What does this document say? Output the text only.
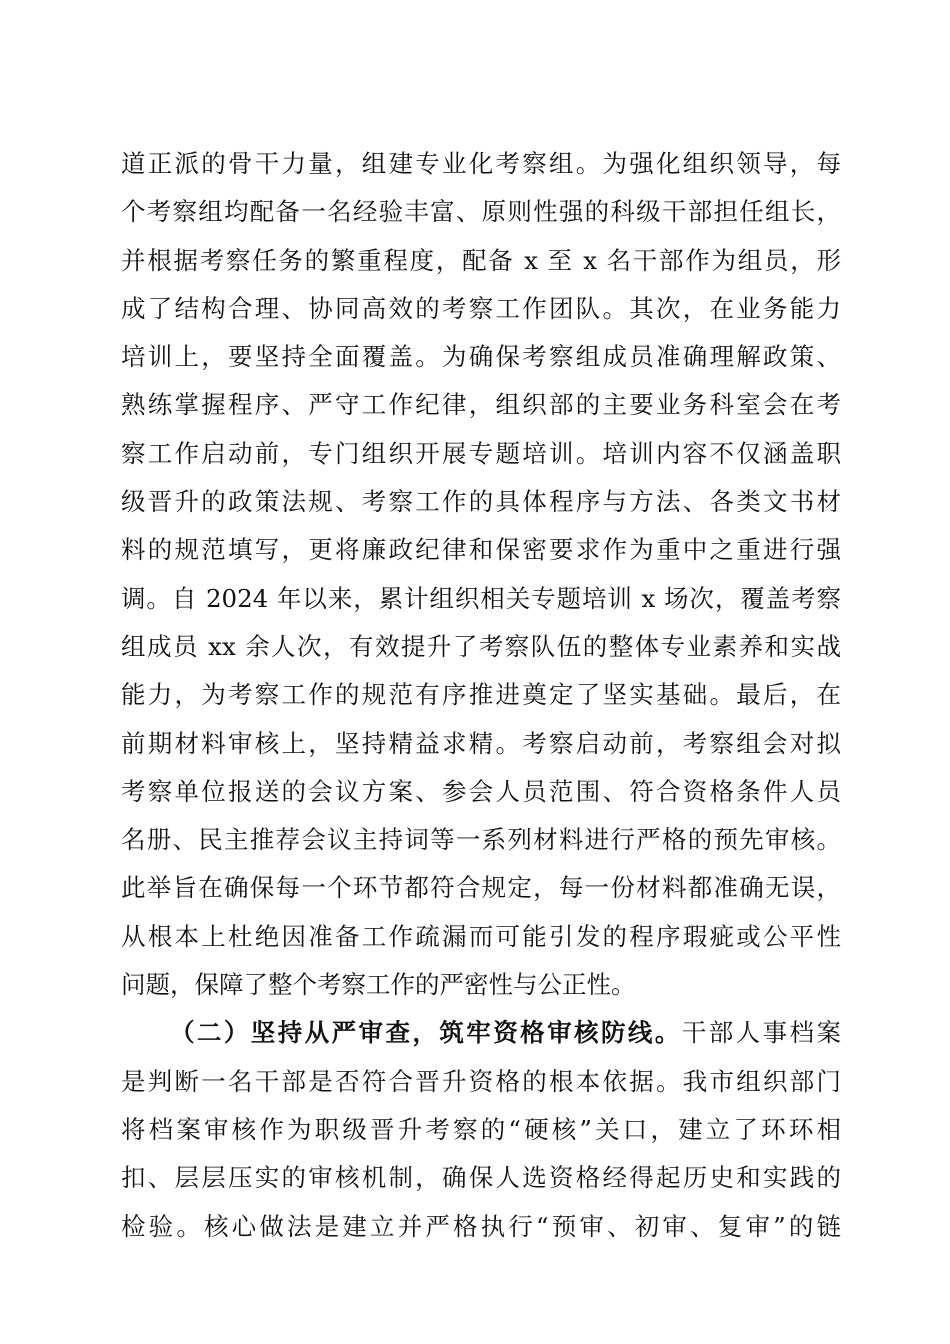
道正派的骨干力量，组建专业化考察组。为强化组织领导，每
个考察组均配备一名经验丰富、原则性强的科级干部担任组长，
并根据考察任务的繁重程度，配备 x 至 x 名干部作为组员，形
成了结构合理、协同高效的考察工作团队。其次，在业务能力
培训上，要坚持全面覆盖。为确保考察组成员准确理解政策、
熟练掌握程序、严守工作纪律，组织部的主要业务科室会在考
察工作启动前，专门组织开展专题培训。培训内容不仅涵盖职
级晋升的政策法规、考察工作的具体程序与方法、各类文书材
料的规范填写，更将廉政纪律和保密要求作为重中之重进行强
调。自 2024 年以来，累计组织相关专题培训 x 场次，覆盖考察
组成员 xx 余人次，有效提升了考察队伍的整体专业素养和实战
能力，为考察工作的规范有序推进奠定了坚实基础。最后，在
前期材料审核上，坚持精益求精。考察启动前，考察组会对拟
考察单位报送的会议方案、参会人员范围、符合资格条件人员
名册、民主推荐会议主持词等一系列材料进行严格的预先审核。
此举旨在确保每一个环节都符合规定，每一份材料都准确无误，
从根本上杜绝因准备工作疏漏而可能引发的程序瑕疵或公平性
问题，保障了整个考察工作的严密性与公正性。
（二）坚持从严审查，筑牢资格审核防线。干部人事档案
是判断一名干部是否符合晋升资格的根本依据。我市组织部门
将档案审核作为职级晋升考察的“硬核”关口，建立了环环相
扣、层层压实的审核机制，确保人选资格经得起历史和实践的
检验。核心做法是建立并严格执行“预审、初审、复审”的链
